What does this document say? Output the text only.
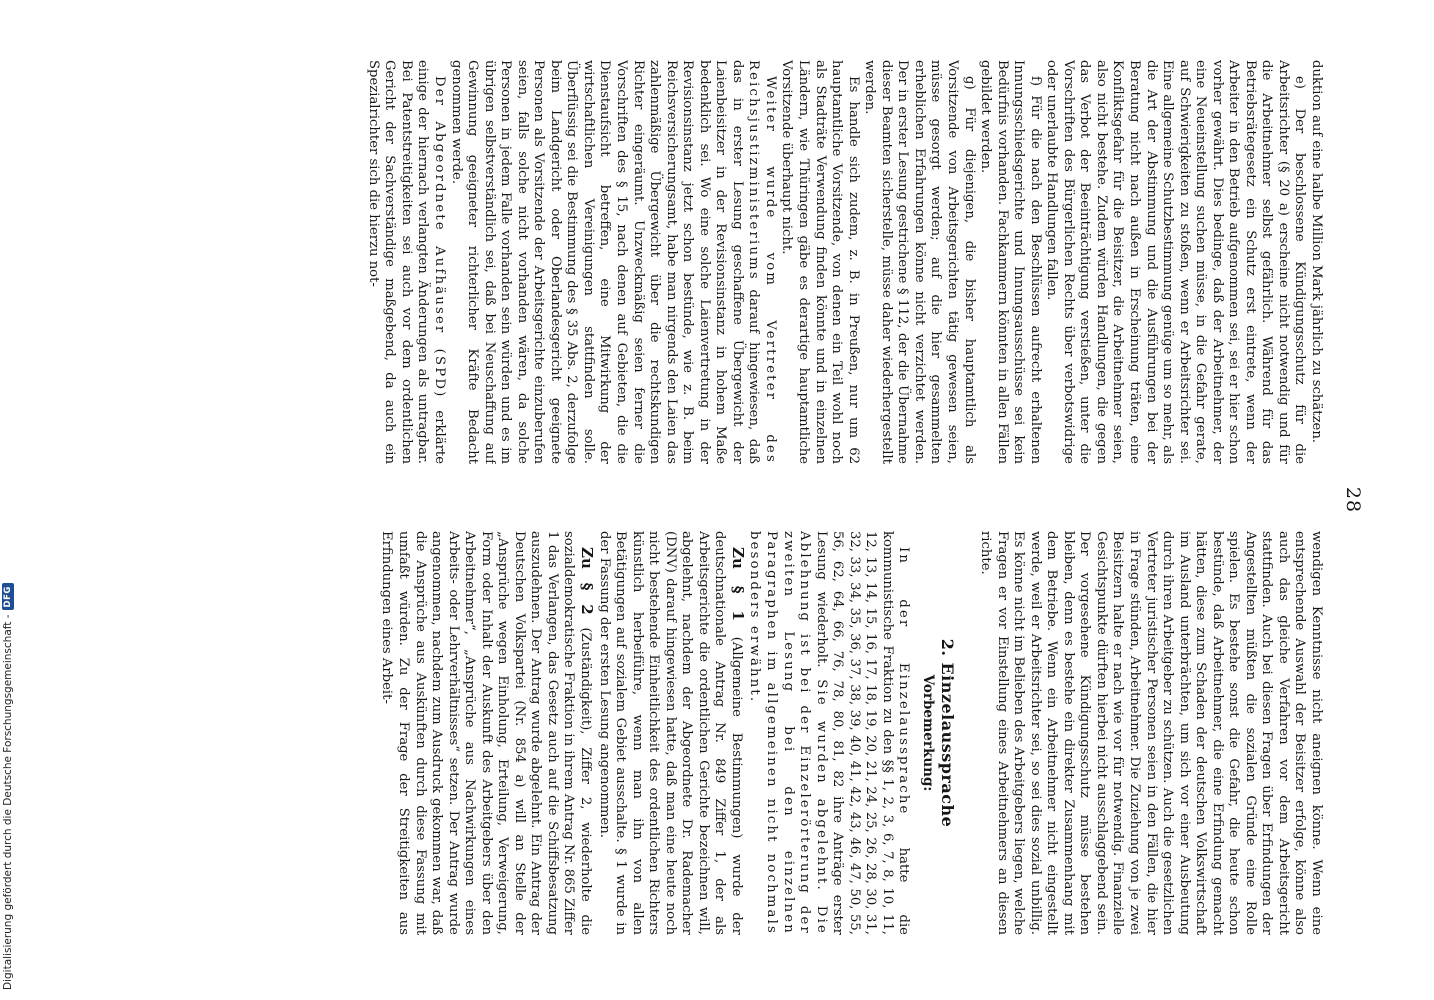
28

duktion auf eine halbe Million Mark jährlich zu schätzen.

e) Der beschlossene Kündigungsschutz für die Arbeitsrichter (§ 20 a) erscheine nicht notwendig und für die Arbeitnehmer selbst gefährlich. Während für das Betriebsrätegesetz ein Schutz erst eintrete, wenn der Arbeiter in den Betrieb aufgenommen sei, sei er hier schon vorher gewährt. Dies bedinge, daß der Arbeitnehmer, der eine Neueinstellung suchen müsse, in die Gefahr gerate, auf Schwierigkeiten zu stoßen, wenn er Arbeitsrichter sei. Eine allgemeine Schutzbestimmung genüge um so mehr, als die Art der Abstimmung und die Ausführungen bei der Beratung nicht nach außen in Erscheinung träten, eine Konfliktsgefahr für die Beisitzer, die Arbeitnehmer seien, also nicht bestehe. Zudem würden Handlungen, die gegen das Verbot der Beeinträchtigung verstießen, unter die Vorschriften des Bürgerlichen Rechts über verbotswidrige oder unerlaubte Handlungen fallen.

f) Für die nach den Beschlüssen aufrecht erhaltenen Innungsschiedsgerichte und Innungsausschüsse sei kein Bedürfnis vorhanden. Fachkammern könnten in allen Fällen gebildet werden.

g) Für diejenigen, die bisher hauptamtlich als Vorsitzende von Arbeitsgerichten tätig gewesen seien, müsse gesorgt werden; auf die hier gesammelten erheblichen Erfahrungen könne nicht verzichtet werden. Der in erster Lesung gestrichene § 112, der die Übernahme dieser Beamten sicherstelle, müsse daher wiederhergestellt werden.

Es handle sich zudem, z. B. in Preußen, nur um 62 hauptamtliche Vorsitzende, von denen ein Teil wohl noch als Stadträte Verwendung finden könnte und in einzelnen Ländern, wie Thüringen gäbe es derartige hauptamtliche Vorsitzende überhaupt nicht.

Weiter wurde vom Vertreter des Reichsjustizministeriums darauf hingewiesen, daß das in erster Lesung geschaffene Übergewicht der Laienbeisitzer in der Revisionsinstanz in hohem Maße bedenklich sei. Wo eine solche Laienvertretung in der Revisionsinstanz jetzt schon bestünde, wie z. B. beim Reichsversicherungsamt, habe man nirgends den Laien das zahlenmäßige Übergewicht über die rechtskundigen Richter eingeräumt. Unzweckmäßig seien ferner die Vorschriften des § 15, nach denen auf Gebieten, die die Dienstaufsicht betreffen, eine Mitwirkung der wirtschaftlichen Vereinigungen stattfinden solle. Überflüssig sei die Bestimmung des § 35 Abs. 2, derzufolge beim Landgericht oder Oberlandesgericht geeignete Personen als Vorsitzende der Arbeitsgerichte einzuberufen seien, falls solche nicht vorhanden wären, da solche Personen in jedem Falle vorhanden sein würden und es im übrigen selbstverständlich sei, daß bei Neuschaffung auf Gewinnung geeigneter richterlicher Kräfte Bedacht genommen werde.

Der Abgeordnete Aufhäuser (SPD) erklärte einige der hiernach verlangten Änderungen als untragbar. Bei Patentstreitigkeiten sei auch vor dem ordentlichen Gericht der Sachverständige maßgebend, da auch ein Spezialrichter sich die hierzu not-

wendigen Kenntnisse nicht aneignen könne. Wenn eine entsprechende Auswahl der Beisitzer erfolge, könne also auch das gleiche Verfahren vor dem Arbeitsgericht stattfinden. Auch bei diesen Fragen über Erfindungen der Angestellten müßten die sozialen Gründe eine Rolle spielen. Es bestehe sonst die Gefahr, die heute schon bestünde, daß Arbeitnehmer, die eine Erfindung gemacht hätten, diese zum Schaden der deutschen Volkswirtschaft im Ausland unterbrächten, um sich vor einer Ausbeutung durch ihren Arbeitgeber zu schützen. Auch die gesetzlichen Vertreter juristischer Personen seien in den Fällen, die hier in Frage stünden, Arbeitnehmer. Die Zuziehung von je zwei Beisitzern halte er nach wie vor für notwendig. Finanzielle Gesichtspunkte dürften hierbei nicht ausschlaggebend sein. Der vorgesehene Kündigungsschutz müsse bestehen bleiben, denn es bestehe ein direkter Zusammenhang mit dem Betriebe. Wenn ein Arbeitnehmer nicht eingestellt werde, weil er Arbeitsrichter sei, so sei dies sozial unbillig. Es könne nicht im Belieben des Arbeitgebers liegen, welche Fragen er vor Einstellung eines Arbeitnehmers an diesen richte.

2. Einzelaussprache
Vorbemerkung:

In der Einzelaussprache hatte die kommunistische Fraktion zu den §§ 1, 2, 3, 6, 7, 8, 10, 11, 12, 13, 14, 15, 16, 17, 18, 19, 20, 21, 24, 25, 26, 28, 30, 31, 32, 33, 34, 35, 36, 37, 38, 39, 40, 41, 42, 43, 46, 47, 50, 55, 56, 62, 64, 66, 76, 78, 80, 81, 82 ihre Anträge erster Lesung wiederholt. Sie wurden abgelehnt. Die Ablehnung ist bei der Einzelerörterung der zweiten Lesung bei den einzelnen Paragraphen im allgemeinen nicht nochmals besonders erwähnt.

Zu § 1 (Allgemeine Bestimmungen) wurde der deutschnationale Antrag Nr. 849 Ziffer 1, der als Arbeitsgerichte die ordentlichen Gerichte bezeichnen will, abgelehnt, nachdem der Abgeordnete Dr. Rademacher (DNV) darauf hingewiesen hatte, daß man eine heute noch nicht bestehende Einheitlichkeit des ordentlichen Richters künstlich herbeiführe, wenn man ihn von allen Betätigungen auf sozialem Gebiet ausschalte. § 1 wurde in der Fassung der ersten Lesung angenommen.

Zu § 2 (Zuständigkeit), Ziffer 2, wiederholte die sozialdemokratische Fraktion in ihrem Antrag Nr. 865 Ziffer 1 das Verlangen, das Gesetz auch auf die Schiffsbesatzung auszudehnen. Der Antrag wurde abgelehnt. Ein Antrag der Deutschen Volkspartei (Nr. 854 a) will an Stelle der „Ansprüche wegen Einholung, Erteilung, Verweigerung, Form oder Inhalt der Auskunft des Arbeitgebers über den Arbeitnehmer“, „Ansprüche aus Nachwirkungen eines Arbeits- oder Lehrverhältnisses“ setzen. Der Antrag wurde angenommen, nachdem zum Ausdruck gekommen war, daß die Ansprüche aus Auskünften durch diese Fassung mit umfaßt würden. Zu der Frage der Streitigkeiten aus Erfindungen eines Arbeit-

Digitalisierung gefördert durch die Deutsche Forschungsgemeinschaft -
DFG
